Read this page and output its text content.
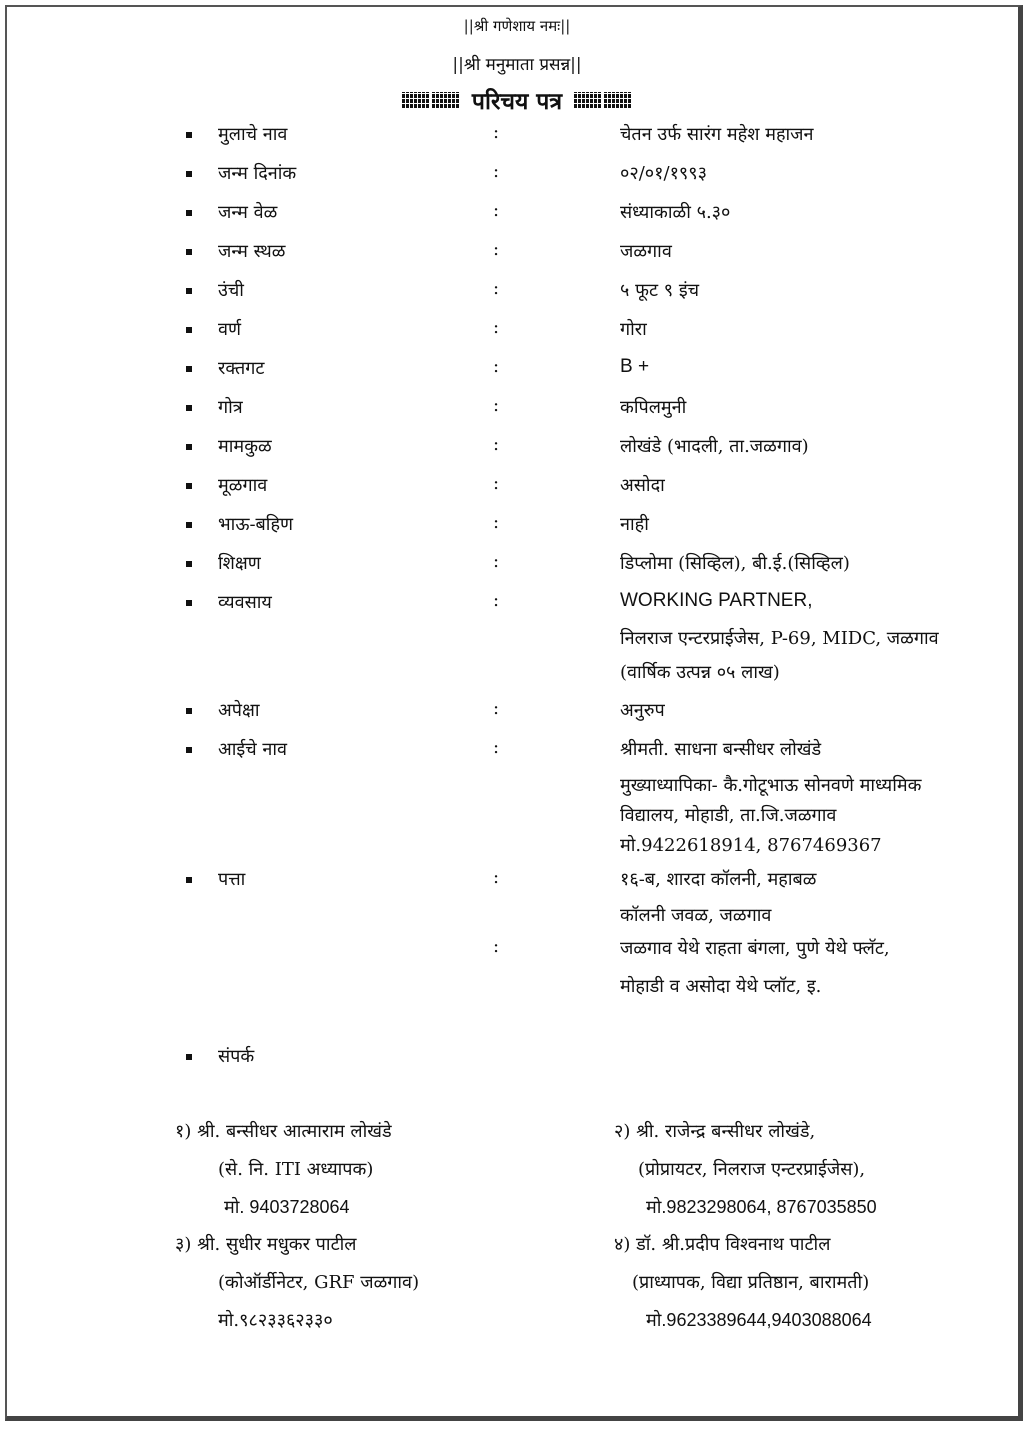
||श्री गणेशाय नमः||
||श्री मनुमाता प्रसन्न||
परिचय पत्र
मुलाचे नाव	:	चेतन उर्फ सारंग महेश महाजन
जन्म दिनांक	:	०२/०१/१९९३
जन्म वेळ	:	संध्याकाळी ५.३०
जन्म स्थळ	:	जळगाव
उंची	:	५ फूट ९ इंच
वर्ण	:	गोरा
रक्तगट	:	B +
गोत्र	:	कपिलमुनी
मामकुळ	:	लोखंडे (भादली, ता.जळगाव)
मूळगाव	:	असोदा
भाऊ-बहिण	:	नाही
शिक्षण	:	डिप्लोमा (सिव्हिल), बी.ई.(सिव्हिल)
व्यवसाय	:	WORKING PARTNER,
निलराज एन्टरप्राईजेस, P-69, MIDC, जळगाव
(वार्षिक उत्पन्न ०५ लाख)
अपेक्षा	:	अनुरुप
आईचे नाव	:	श्रीमती. साधना बन्सीधर लोखंडे
मुख्याध्यापिका- कै.गोटूभाऊ सोनवणे माध्यमिक
विद्यालय, मोहाडी, ता.जि.जळगाव
मो.9422618914, 8767469367
पत्ता	:	१६-ब, शारदा कॉलनी, महाबळ
कॉलनी जवळ, जळगाव
:	जळगाव येथे राहता बंगला, पुणे येथे फ्लॅट,
मोहाडी व असोदा येथे प्लॉट, इ.
संपर्क
१) श्री. बन्सीधर आत्माराम लोखंडे
(से. नि. ITI अध्यापक)
मो. 9403728064
२) श्री. राजेन्द्र बन्सीधर लोखंडे,
(प्रोप्रायटर, निलराज एन्टरप्राईजेस),
मो.9823298064, 8767035850
३) श्री. सुधीर मधुकर पाटील
(कोऑर्डीनेटर, GRF जळगाव)
मो.९८२३३६२३३०
४) डॉ. श्री.प्रदीप विश्वनाथ पाटील
(प्राध्यापक, विद्या प्रतिष्ठान, बारामती)
मो.9623389644,9403088064
